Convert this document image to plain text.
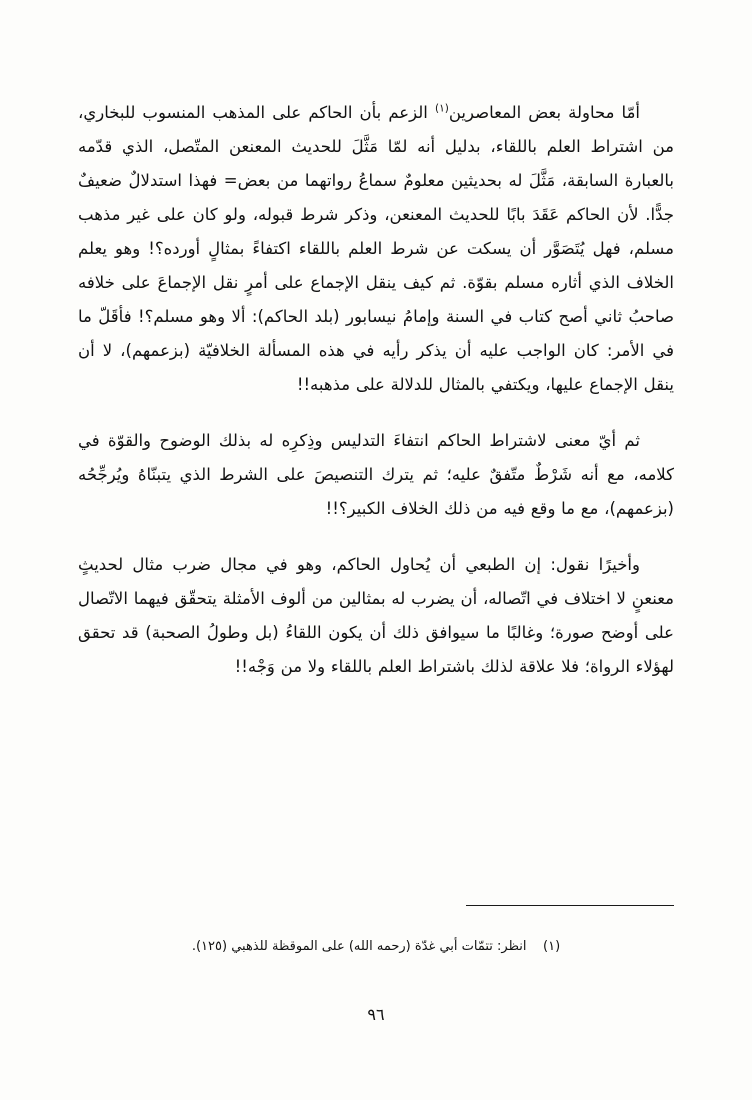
أمّا محاولة بعض المعاصرين$^{(١)}$ الزعم بأن الحاكم على المذهب المنسوب للبخاري، من اشتراط العلم باللقاء، بدليل أنه لمّا مَثَّلَ للحديث المعنعن المتّصل، الذي قدّمه بالعبارة السابقة، مَثَّلَ له بحديثين معلومٌ سماعُ رواتهما من بعض= فهذا استدلالٌ ضعيفٌ جدًّا. لأن الحاكم عَقَدَ بابًا للحديث المعنعن، وذكر شرط قبوله، ولو كان على غير مذهب مسلم، فهل يُتَصَوَّر أن يسكت عن شرط العلم باللقاء اكتفاءً بمثالٍ أورده؟! وهو يعلم الخلاف الذي أثاره مسلم بقوّة. ثم كيف ينقل الإجماع على أمرٍ نقل الإجماعَ على خلافه صاحبُ ثاني أصح كتاب في السنة وإمامُ نيسابور (بلد الحاكم): ألا وهو مسلم؟! فأقَلّ ما في الأمر: كان الواجب عليه أن يذكر رأيه في هذه المسألة الخلافيّة (بزعمهم)، لا أن ينقل الإجماع عليها، ويكتفي بالمثال للدلالة على مذهبه!!

ثم أيّ معنى لاشتراط الحاكم انتفاءَ التدليس وذِكرِه له بذلك الوضوح والقوّة في كلامه، مع أنه شَرْطٌ متّفقٌ عليه؛ ثم يترك التنصيصَ على الشرط الذي يتبنّاهُ ويُرجِّحُه (بزعمهم)، مع ما وقع فيه من ذلك الخلاف الكبير؟!!

وأخيرًا نقول: إن الطبعي أن يُحاول الحاكم، وهو في مجال ضرب مثال لحديثٍ معنعنٍ لا اختلاف في اتّصاله، أن يضرب له بمثالين من ألوف الأمثلة يتحقّق فيهما الاتّصال على أوضح صورة؛ وغالبًا ما سيوافق ذلك أن يكون اللقاءُ (بل وطولُ الصحبة) قد تحقق لهؤلاء الرواة؛ فلا علاقة لذلك باشتراط العلم باللقاء ولا من وَجْه!!

(١)    انظر: تتمّات أبي غدّة (رحمه الله) على الموقظة للذهبي (١٢٥).
٩٦
